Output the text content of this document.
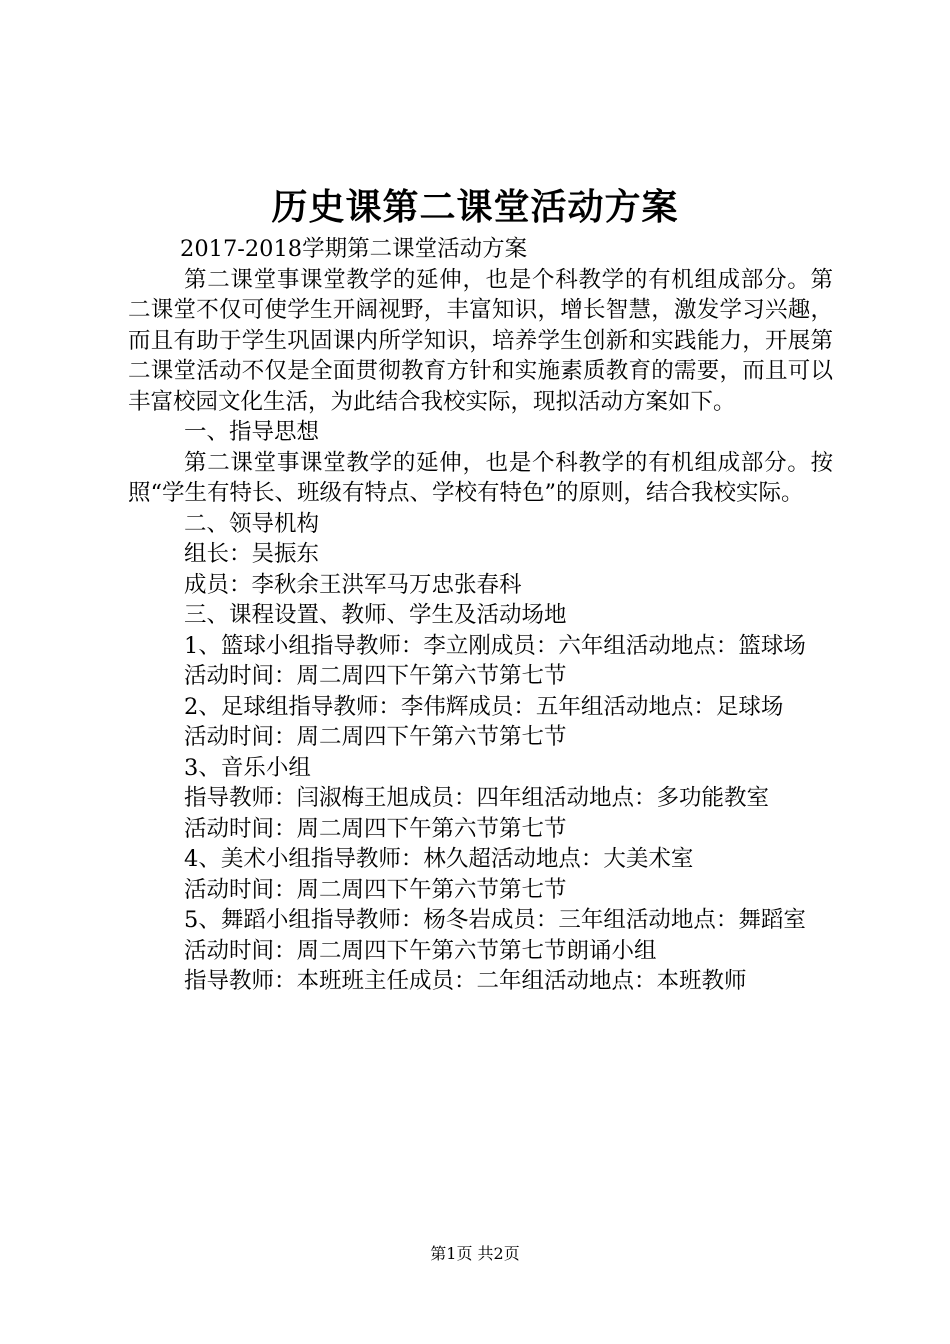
历史课第二课堂活动方案

2017-2018学期第二课堂活动方案

第二课堂事课堂教学的延伸，也是个科教学的有机组成部分。第二课堂不仅可使学生开阔视野，丰富知识，增长智慧，激发学习兴趣，而且有助于学生巩固课内所学知识，培养学生创新和实践能力，开展第二课堂活动不仅是全面贯彻教育方针和实施素质教育的需要，而且可以丰富校园文化生活，为此结合我校实际，现拟活动方案如下。

一、指导思想

第二课堂事课堂教学的延伸，也是个科教学的有机组成部分。按照“学生有特长、班级有特点、学校有特色”的原则，结合我校实际。

二、领导机构

组长：吴振东

成员：李秋余王洪军马万忠张春科

三、课程设置、教师、学生及活动场地

1、篮球小组指导教师：李立刚成员：六年组活动地点：篮球场

活动时间：周二周四下午第六节第七节

2、足球组指导教师：李伟辉成员：五年组活动地点：足球场

活动时间：周二周四下午第六节第七节

3、音乐小组

指导教师：闫淑梅王旭成员：四年组活动地点：多功能教室

活动时间：周二周四下午第六节第七节

4、美术小组指导教师：林久超活动地点：大美术室

活动时间：周二周四下午第六节第七节

5、舞蹈小组指导教师：杨冬岩成员：三年组活动地点：舞蹈室

活动时间：周二周四下午第六节第七节朗诵小组

指导教师：本班班主任成员：二年组活动地点：本班教师

第1页 共2页
